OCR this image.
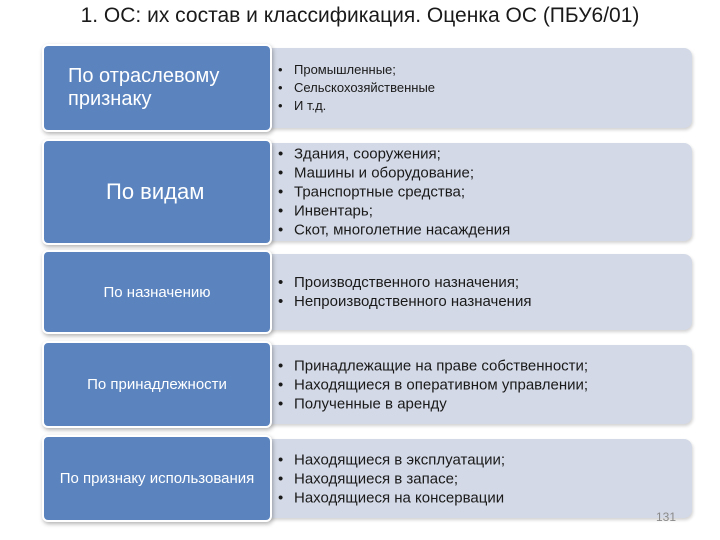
1. ОС: их состав и классификация. Оценка ОС (ПБУ6/01)
• Промышленные;
• Сельскохозяйственные
• И т.д.
По отраслевому признаку
• Здания, сооружения;
• Машины и оборудование;
• Транспортные средства;
• Инвентарь;
• Скот, многолетние насаждения
По видам
• Производственного назначения;
• Непроизводственного назначения
По назначению
• Принадлежащие на праве собственности;
• Находящиеся в оперативном управлении;
• Полученные в аренду
По принадлежности
• Находящиеся в эксплуатации;
• Находящиеся в запасе;
• Находящиеся на консервации
По признаку использования
131
